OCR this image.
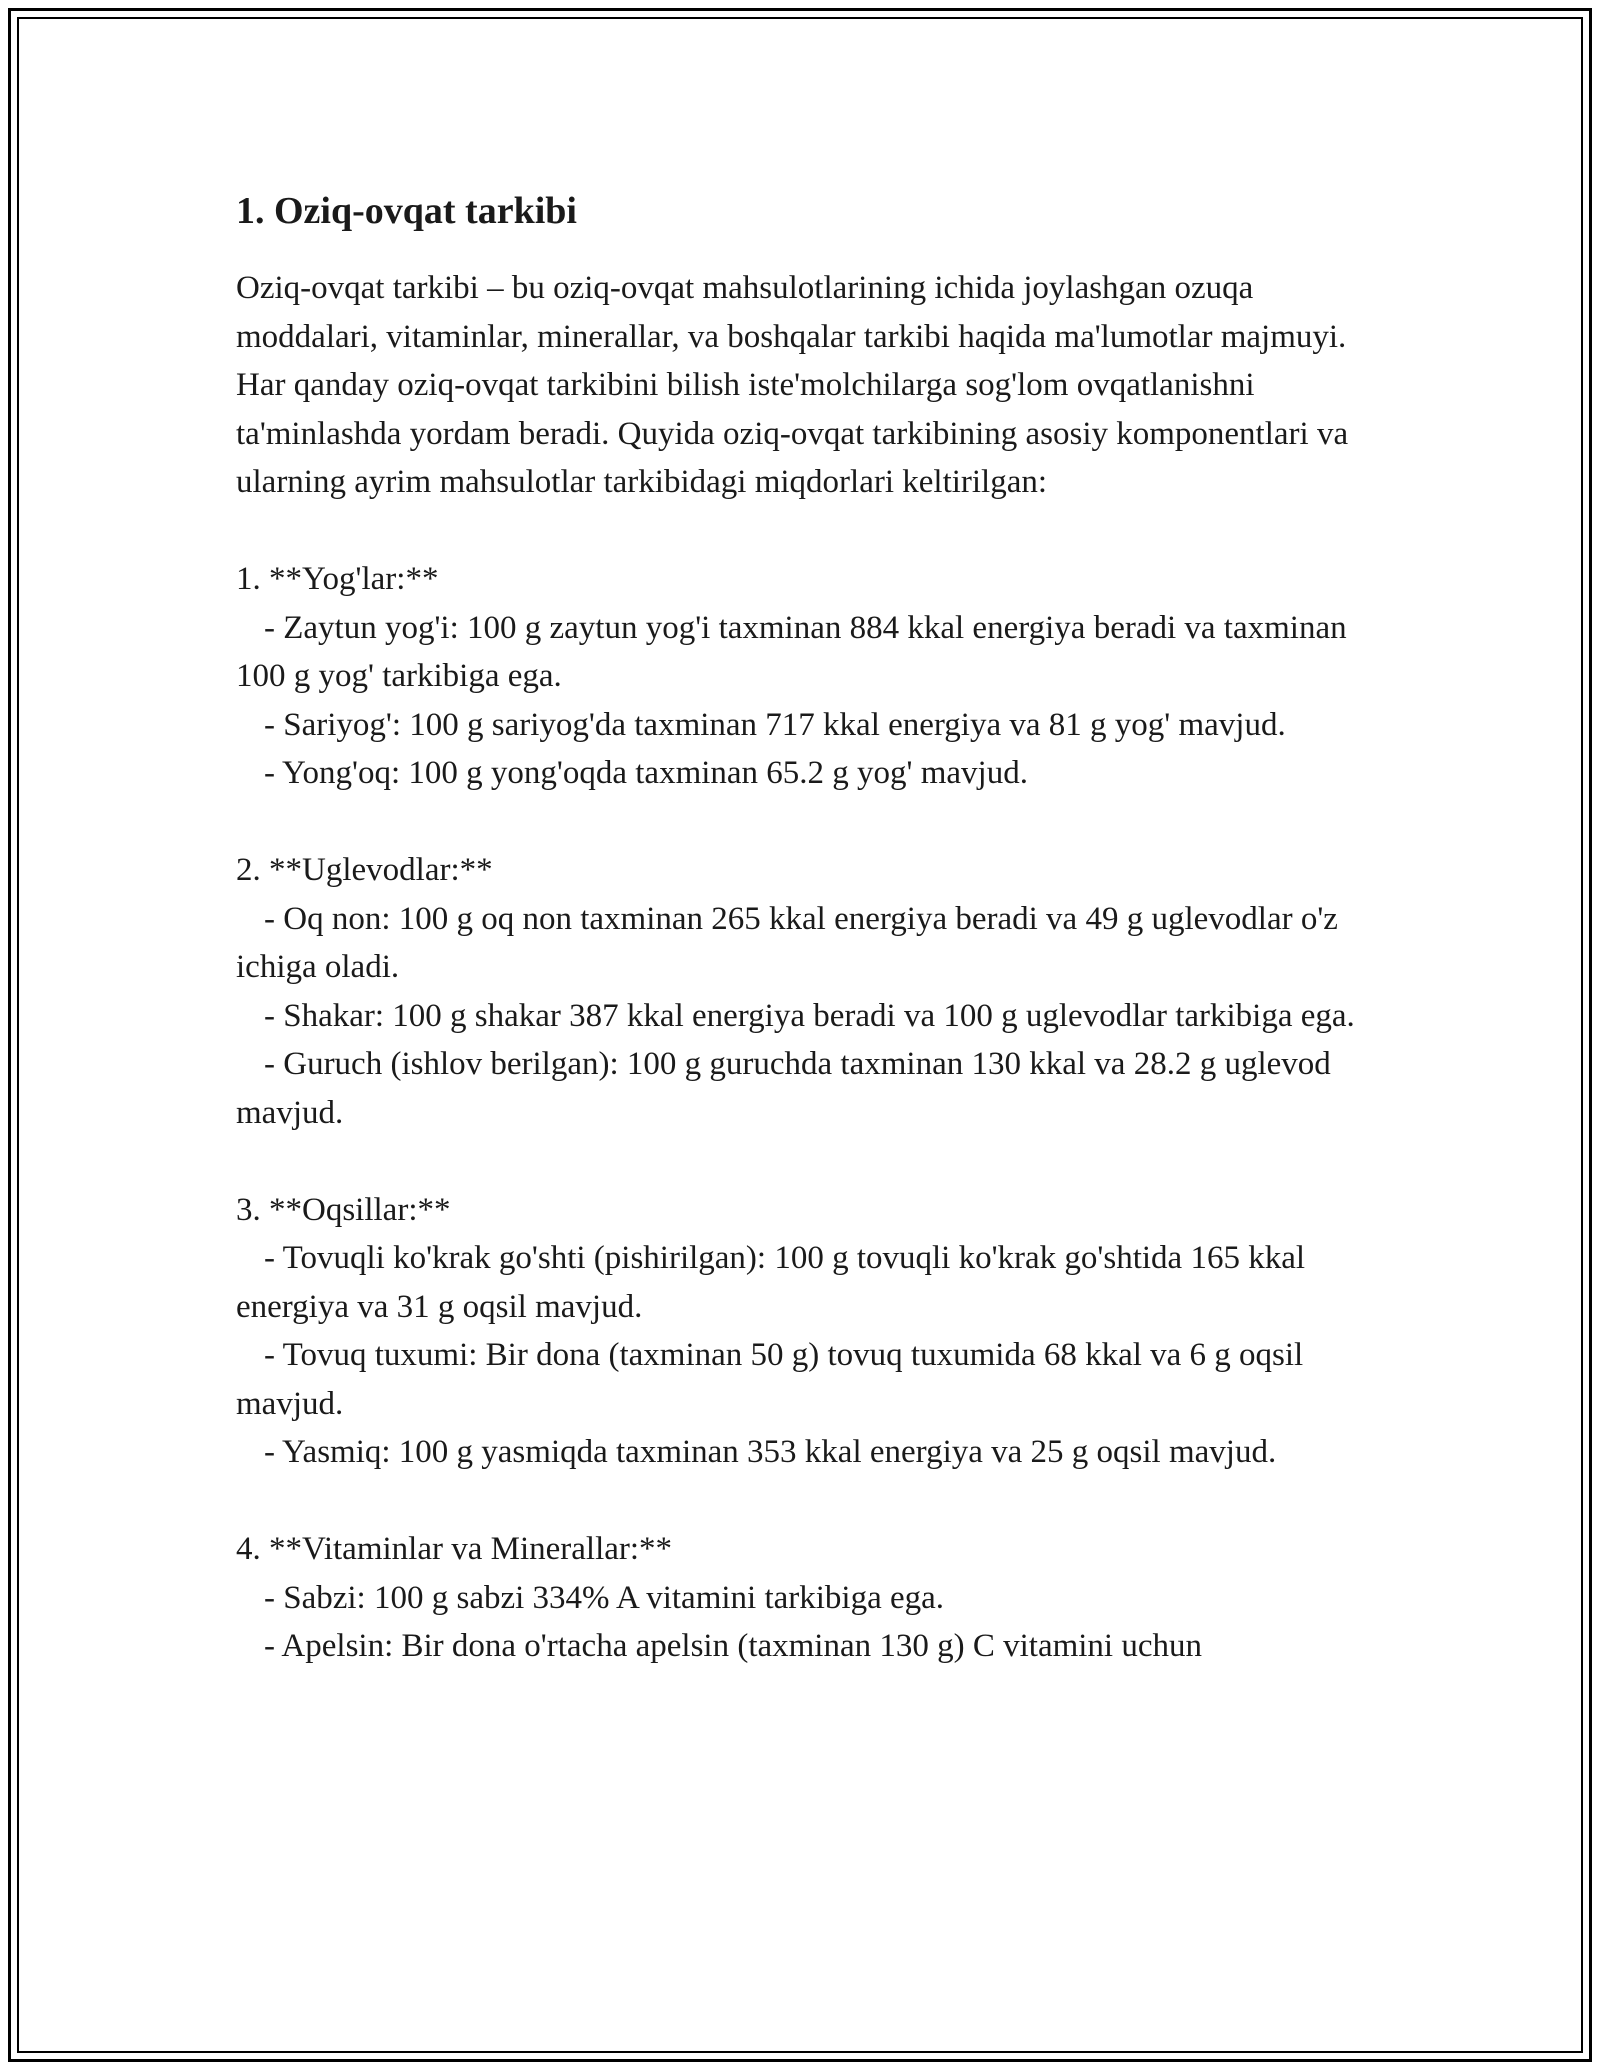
1. Oziq-ovqat tarkibi

Oziq-ovqat tarkibi – bu oziq-ovqat mahsulotlarining ichida joylashgan ozuqa moddalari, vitaminlar, minerallar, va boshqalar tarkibi haqida ma'lumotlar majmuyi. Har qanday oziq-ovqat tarkibini bilish iste'molchilarga sog'lom ovqatlanishni ta'minlashda yordam beradi. Quyida oziq-ovqat tarkibining asosiy komponentlari va ularning ayrim mahsulotlar tarkibidagi miqdorlari keltirilgan:

1. **Yog'lar:**

- Zaytun yog'i: 100 g zaytun yog'i taxminan 884 kkal energiya beradi va taxminan 100 g yog' tarkibiga ega.

- Sariyog': 100 g sariyog'da taxminan 717 kkal energiya va 81 g yog' mavjud.

- Yong'oq: 100 g yong'oqda taxminan 65.2 g yog' mavjud.

2. **Uglevodlar:**

- Oq non: 100 g oq non taxminan 265 kkal energiya beradi va 49 g uglevodlar o'z ichiga oladi.

- Shakar: 100 g shakar 387 kkal energiya beradi va 100 g uglevodlar tarkibiga ega.

- Guruch (ishlov berilgan): 100 g guruchda taxminan 130 kkal va 28.2 g uglevod mavjud.

3. **Oqsillar:**

- Tovuqli ko'krak go'shti (pishirilgan): 100 g tovuqli ko'krak go'shtida 165 kkal energiya va 31 g oqsil mavjud.

- Tovuq tuxumi: Bir dona (taxminan 50 g) tovuq tuxumida 68 kkal va 6 g oqsil mavjud.

- Yasmiq: 100 g yasmiqda taxminan 353 kkal energiya va 25 g oqsil mavjud.

4. **Vitaminlar va Minerallar:**

- Sabzi: 100 g sabzi 334% A vitamini tarkibiga ega.

- Apelsin: Bir dona o'rtacha apelsin (taxminan 130 g) C vitamini uchun
